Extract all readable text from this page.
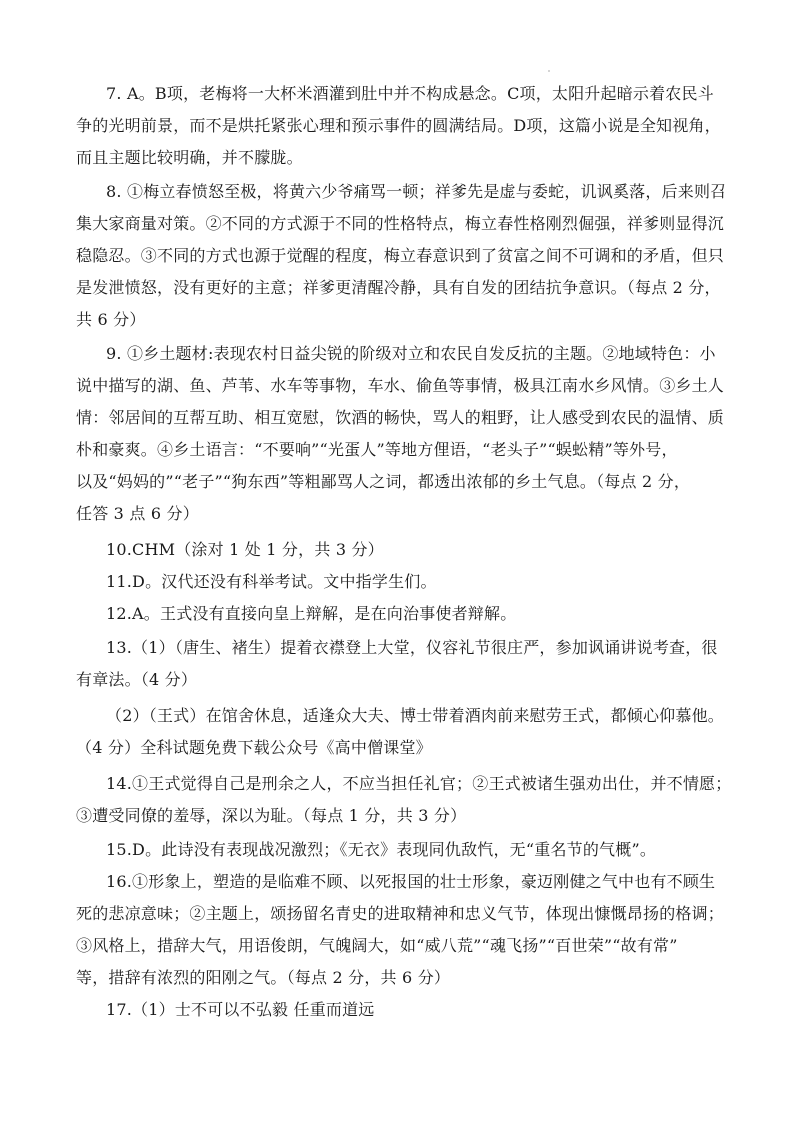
7. A。B项，老梅将一大杯米酒灌到肚中并不构成悬念。C项，太阳升起暗示着农民斗
争的光明前景，而不是烘托紧张心理和预示事件的圆满结局。D项，这篇小说是全知视角，
而且主题比较明确，并不朦胧。
8. ①梅立春愤怒至极，将黄六少爷痛骂一顿；祥爹先是虚与委蛇，讥讽奚落，后来则召
集大家商量对策。②不同的方式源于不同的性格特点，梅立春性格刚烈倔强，祥爹则显得沉
稳隐忍。③不同的方式也源于觉醒的程度，梅立春意识到了贫富之间不可调和的矛盾，但只
是发泄愤怒，没有更好的主意；祥爹更清醒冷静，具有自发的团结抗争意识。（每点 2 分，
共 6 分）
9. ①乡土题材:表现农村日益尖锐的阶级对立和农民自发反抗的主题。②地域特色：小
说中描写的湖、鱼、芦苇、水车等事物，车水、偷鱼等事情，极具江南水乡风情。③乡土人
情：邻居间的互帮互助、相互宽慰，饮酒的畅快，骂人的粗野，让人感受到农民的温情、质
朴和豪爽。④乡土语言：“不要响”“光蛋人”等地方俚语，“老头子”“蜈蚣精”等外号，
以及“妈妈的”“老子”“狗东西”等粗鄙骂人之词，都透出浓郁的乡土气息。（每点 2 分，
任答 3 点 6 分）
10.CHM（涂对 1 处 1 分，共 3 分）
11.D。汉代还没有科举考试。文中指学生们。
12.A。王式没有直接向皇上辩解，是在向治事使者辩解。
13.（1）（唐生、褚生）提着衣襟登上大堂，仪容礼节很庄严，参加讽诵讲说考查，很
有章法。（4 分）
（2）（王式）在馆舍休息，适逢众大夫、博士带着酒肉前来慰劳王式，都倾心仰慕他。
（4 分）全科试题免费下载公众号《高中僧课堂》
14.①王式觉得自己是刑余之人，不应当担任礼官；②王式被诸生强劝出仕，并不情愿；
③遭受同僚的羞辱，深以为耻。（每点 1 分，共 3 分）
15.D。此诗没有表现战况激烈；《无衣》表现同仇敌忾，无“重名节的气概”。
16.①形象上，塑造的是临难不顾、以死报国的壮士形象，豪迈刚健之气中也有不顾生
死的悲凉意味；②主题上，颂扬留名青史的进取精神和忠义气节，体现出慷慨昂扬的格调；
③风格上，措辞大气，用语俊朗，气魄阔大，如“威八荒”“魂飞扬”“百世荣”“故有常”
等，措辞有浓烈的阳刚之气。（每点 2 分，共 6 分）
17.（1）士不可以不弘毅 任重而道远
